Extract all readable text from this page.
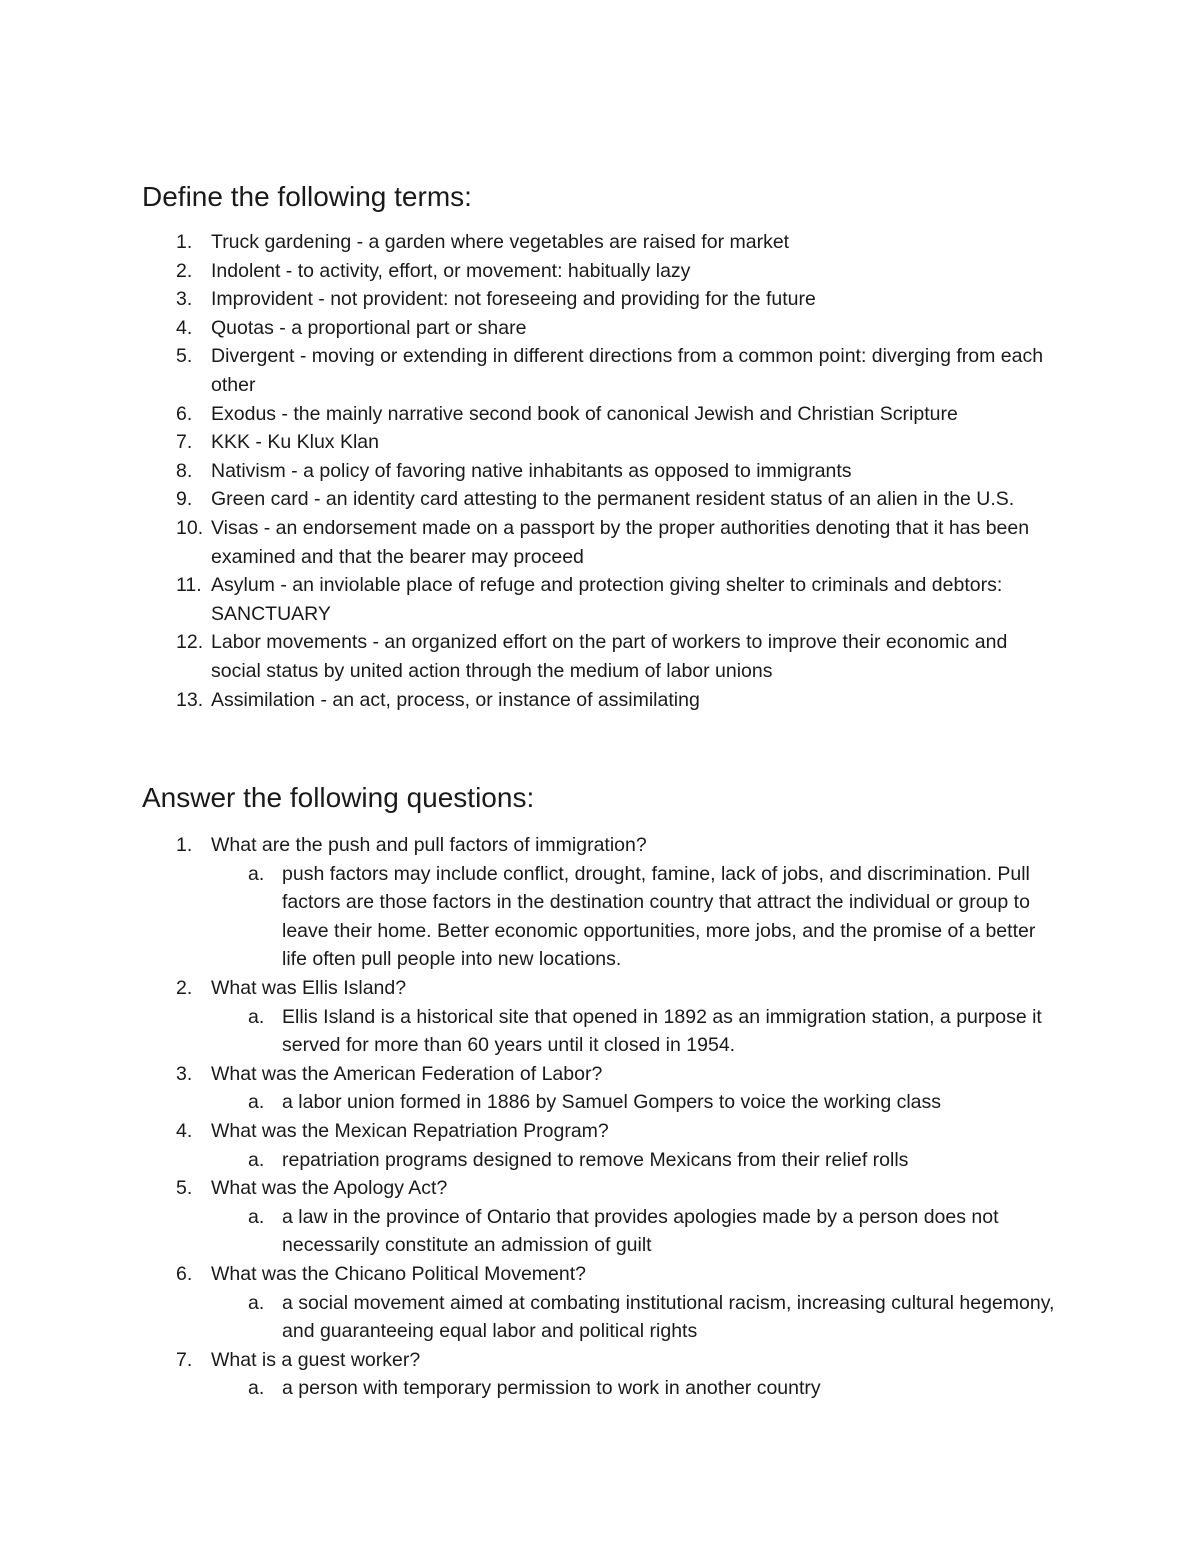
Define the following terms:
1. Truck gardening - a garden where vegetables are raised for market
2. Indolent - to activity, effort, or movement: habitually lazy
3. Improvident - not provident: not foreseeing and providing for the future
4. Quotas - a proportional part or share
5. Divergent - moving or extending in different directions from a common point: diverging from each other
6. Exodus - the mainly narrative second book of canonical Jewish and Christian Scripture
7. KKK - Ku Klux Klan
8. Nativism - a policy of favoring native inhabitants as opposed to immigrants
9. Green card - an identity card attesting to the permanent resident status of an alien in the U.S.
10. Visas - an endorsement made on a passport by the proper authorities denoting that it has been examined and that the bearer may proceed
11. Asylum - an inviolable place of refuge and protection giving shelter to criminals and debtors: SANCTUARY
12. Labor movements - an organized effort on the part of workers to improve their economic and social status by united action through the medium of labor unions
13. Assimilation - an act, process, or instance of assimilating
Answer the following questions:
1. What are the push and pull factors of immigration?
a. push factors may include conflict, drought, famine, lack of jobs, and discrimination. Pull factors are those factors in the destination country that attract the individual or group to leave their home. Better economic opportunities, more jobs, and the promise of a better life often pull people into new locations.
2. What was Ellis Island?
a. Ellis Island is a historical site that opened in 1892 as an immigration station, a purpose it served for more than 60 years until it closed in 1954.
3. What was the American Federation of Labor?
a. a labor union formed in 1886 by Samuel Gompers to voice the working class
4. What was the Mexican Repatriation Program?
a. repatriation programs designed to remove Mexicans from their relief rolls
5. What was the Apology Act?
a. a law in the province of Ontario that provides apologies made by a person does not necessarily constitute an admission of guilt
6. What was the Chicano Political Movement?
a. a social movement aimed at combating institutional racism, increasing cultural hegemony, and guaranteeing equal labor and political rights
7. What is a guest worker?
a. a person with temporary permission to work in another country
